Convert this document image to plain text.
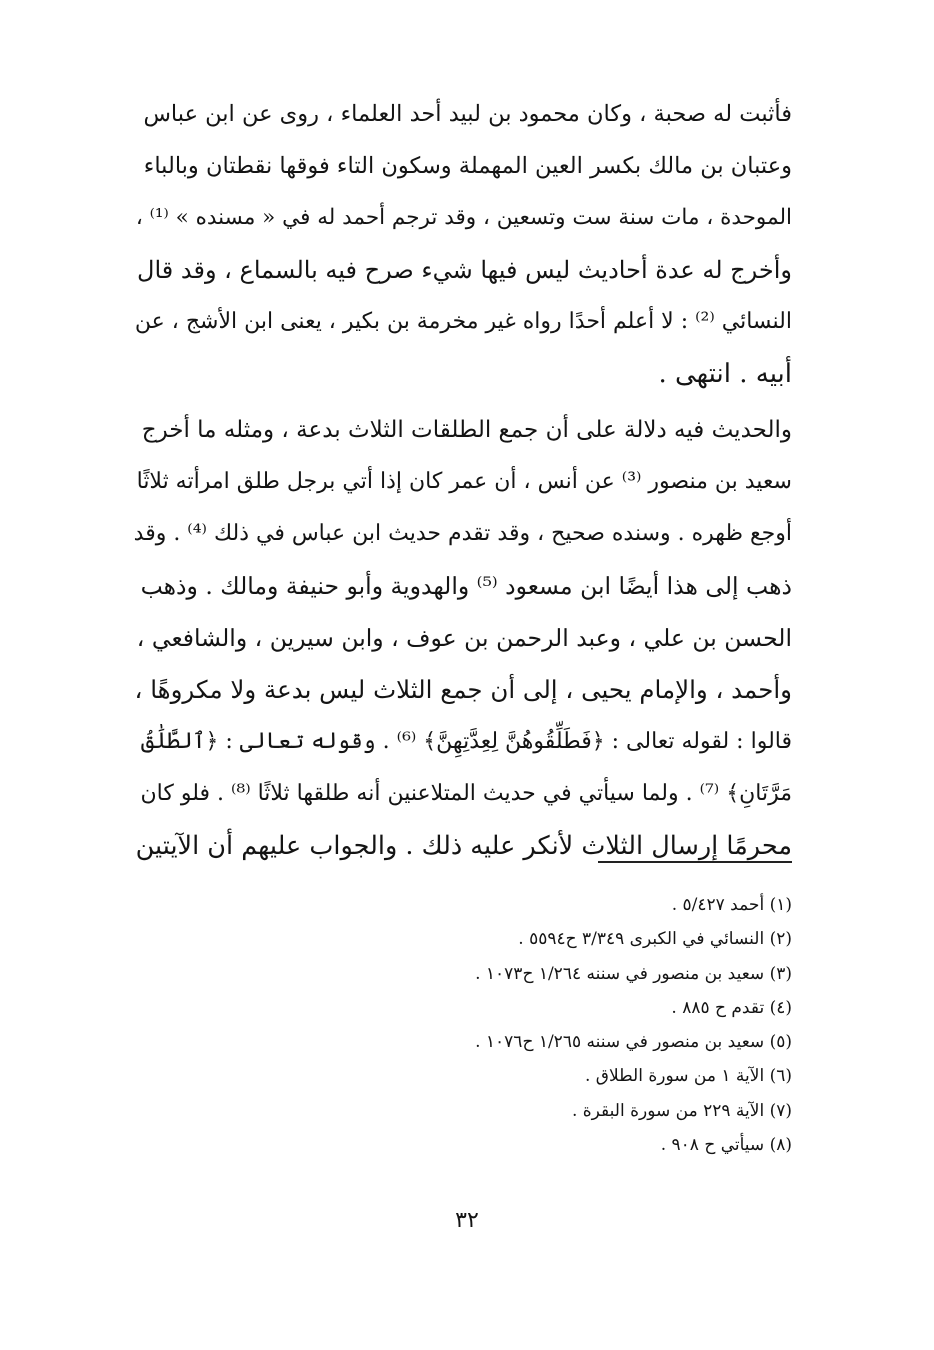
فأثبت له صحبة ، وكان محمود بن لبيد أحد العلماء ، روى عن ابن عباس
وعتبان بن مالك بكسر العين المهملة وسكون التاء فوقها نقطتان وبالباء
الموحدة ، مات سنة ست وتسعين ، وقد ترجم أحمد له في « مسنده » ⁽¹⁾ ،
وأخرج له عدة أحاديث ليس فيها شيء صرح فيه بالسماع ، وقد قال
النسائي ⁽²⁾ : لا أعلم أحدًا رواه غير مخرمة بن بكير ، يعنى ابن الأشج ، عن
أبيه . انتهى .
والحديث فيه دلالة على أن جمع الطلقات الثلاث بدعة ، ومثله ما أخرج
سعيد بن منصور ⁽³⁾ عن أنس ، أن عمر كان إذا أتي برجل طلق امرأته ثلاثًا
أوجع ظهره . وسنده صحيح ، وقد تقدم حديث ابن عباس في ذلك ⁽⁴⁾ . وقد
ذهب إلى هذا أيضًا ابن مسعود ⁽⁵⁾ والهدوية وأبو حنيفة ومالك . وذهب
الحسن بن علي ، وعبد الرحمن بن عوف ، وابن سيرين ، والشافعي ،
وأحمد ، والإمام يحيى ، إلى أن جمع الثلاث ليس بدعة ولا مكروهًا ،
قالوا : لقوله تعالى : ﴿فَطَلِّقُوهُنَّ لِعِدَّتِهِنَّ﴾ ⁽⁶⁾ . وقوله تعالى : ﴿ٱلطَّلَٰقُ
مَرَّتَانِ﴾ ⁽⁷⁾ . ولما سيأتي في حديث المتلاعنين أنه طلقها ثلاثًا ⁽⁸⁾ . فلو كان
محرمًا إرسال الثلاث لأنكر عليه ذلك . والجواب عليهم أن الآيتين
(١) أحمد ٥/٤٢٧ .
(٢) النسائي في الكبرى ٣/٣٤٩ ح٥٥٩٤ .
(٣) سعيد بن منصور في سننه ١/٢٦٤ ح١٠٧٣ .
(٤) تقدم ح ٨٨٥ .
(٥) سعيد بن منصور في سننه ١/٢٦٥ ح١٠٧٦ .
(٦) الآية ١ من سورة الطلاق .
(٧) الآية ٢٢٩ من سورة البقرة .
(٨) سيأتي ح ٩٠٨ .
٣٢
